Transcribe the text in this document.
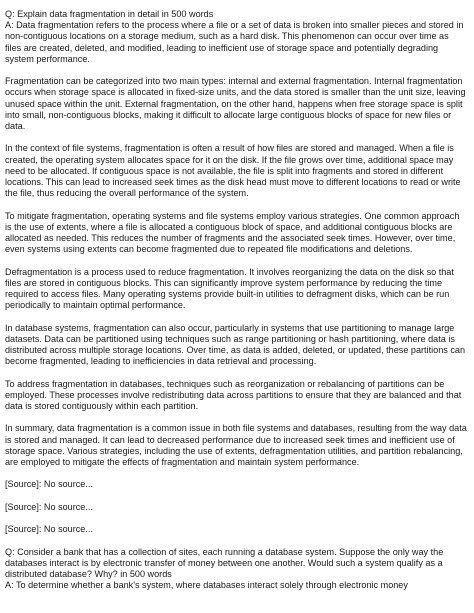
Q: Explain data fragmentation in detail in 500 words

A: Data fragmentation refers to the process where a file or a set of data is broken into smaller pieces and stored in non-contiguous locations on a storage medium, such as a hard disk. This phenomenon can occur over time as files are created, deleted, and modified, leading to inefficient use of storage space and potentially degrading system performance.

Fragmentation can be categorized into two main types: internal and external fragmentation. Internal fragmentation occurs when storage space is allocated in fixed-size units, and the data stored is smaller than the unit size, leaving unused space within the unit. External fragmentation, on the other hand, happens when free storage space is split into small, non-contiguous blocks, making it difficult to allocate large contiguous blocks of space for new files or data.

In the context of file systems, fragmentation is often a result of how files are stored and managed. When a file is created, the operating system allocates space for it on the disk. If the file grows over time, additional space may need to be allocated. If contiguous space is not available, the file is split into fragments and stored in different locations. This can lead to increased seek times as the disk head must move to different locations to read or write the file, thus reducing the overall performance of the system.

To mitigate fragmentation, operating systems and file systems employ various strategies. One common approach is the use of extents, where a file is allocated a contiguous block of space, and additional contiguous blocks are allocated as needed. This reduces the number of fragments and the associated seek times. However, over time, even systems using extents can become fragmented due to repeated file modifications and deletions.

Defragmentation is a process used to reduce fragmentation. It involves reorganizing the data on the disk so that files are stored in contiguous blocks. This can significantly improve system performance by reducing the time required to access files. Many operating systems provide built-in utilities to defragment disks, which can be run periodically to maintain optimal performance.

In database systems, fragmentation can also occur, particularly in systems that use partitioning to manage large datasets. Data can be partitioned using techniques such as range partitioning or hash partitioning, where data is distributed across multiple storage locations. Over time, as data is added, deleted, or updated, these partitions can become fragmented, leading to inefficiencies in data retrieval and processing.

To address fragmentation in databases, techniques such as reorganization or rebalancing of partitions can be employed. These processes involve redistributing data across partitions to ensure that they are balanced and that data is stored contiguously within each partition.

In summary, data fragmentation is a common issue in both file systems and databases, resulting from the way data is stored and managed. It can lead to decreased performance due to increased seek times and inefficient use of storage space. Various strategies, including the use of extents, defragmentation utilities, and partition rebalancing, are employed to mitigate the effects of fragmentation and maintain system performance.

[Source]: No source...

[Source]: No source...

[Source]: No source...

Q: Consider a bank that has a collection of sites, each running a database system. Suppose the only way the databases interact is by electronic transfer of money between one another. Would such a system qualify as a distributed database? Why? in 500 words

A: To determine whether a bank's system, where databases interact solely through electronic money
